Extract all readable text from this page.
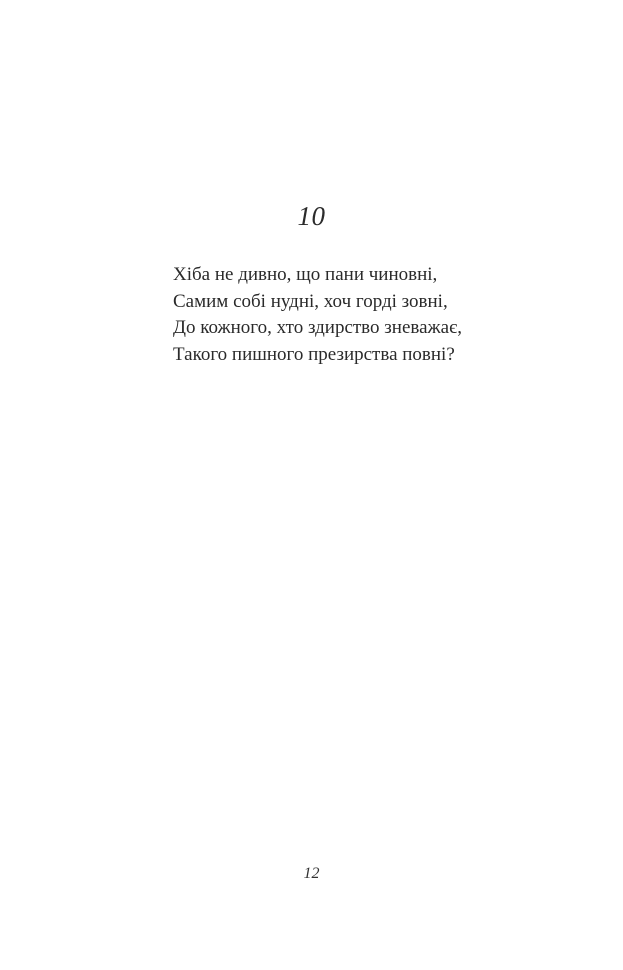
10
Хіба не дивно, що пани чиновні,
Самим собі нудні, хоч горді зовні,
До кожного, хто здирство зневажає,
Такого пишного презирства повні?
12
